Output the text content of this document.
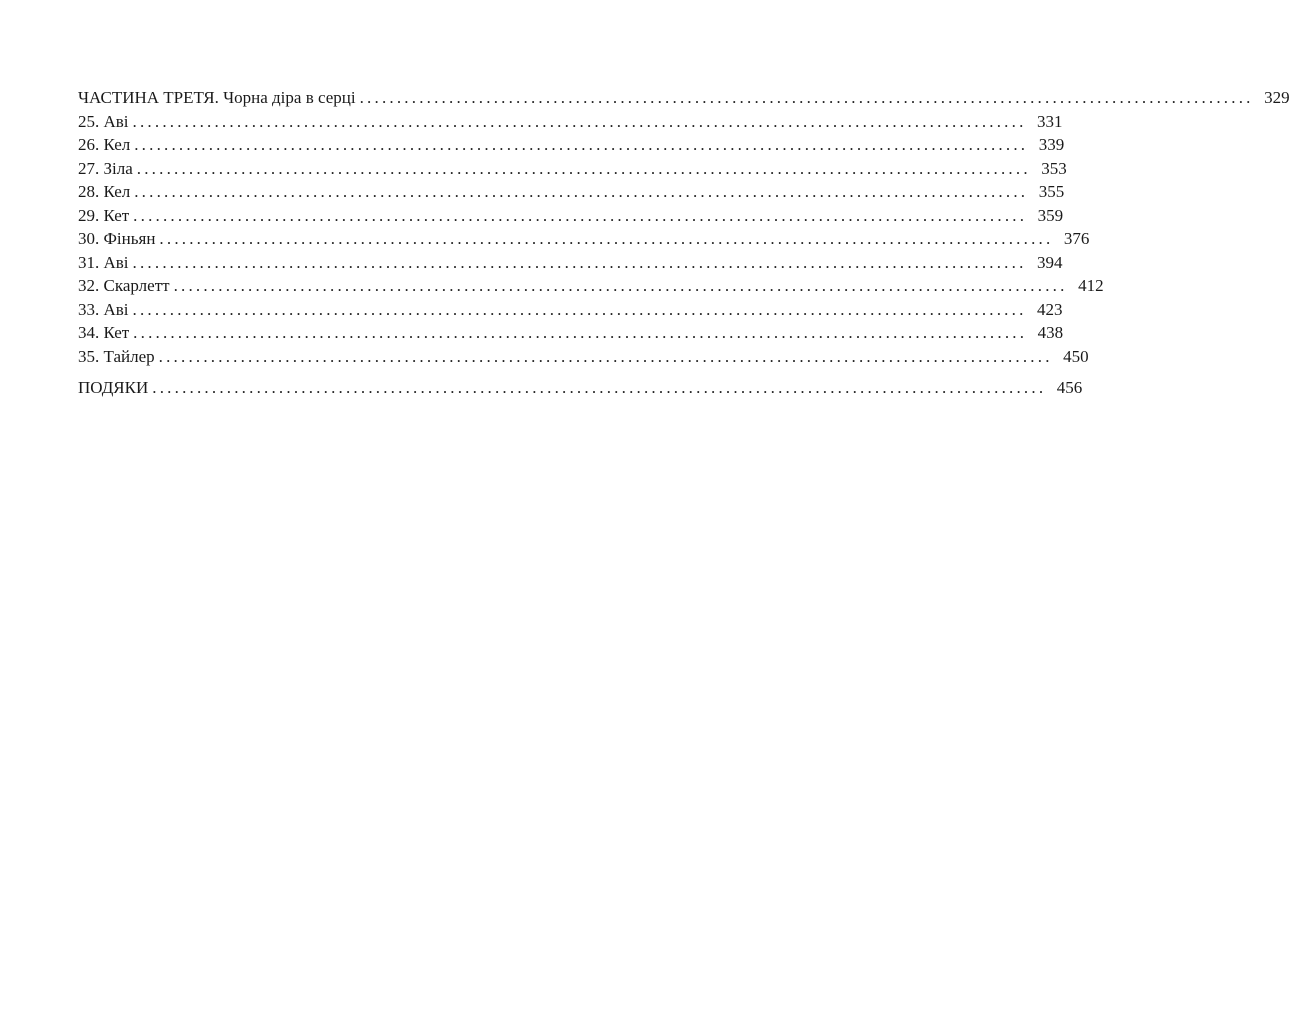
ЧАСТИНА ТРЕТЯ. Чорна діра в серці ........................................................................................................................ 329
25. Аві ........................................................................................................................ 331
26. Кел ........................................................................................................................ 339
27. Зіла ........................................................................................................................ 353
28. Кел ........................................................................................................................ 355
29. Кет ........................................................................................................................ 359
30. Фіньян ........................................................................................................................ 376
31. Аві ........................................................................................................................ 394
32. Скарлетт ........................................................................................................................ 412
33. Аві ........................................................................................................................ 423
34. Кет ........................................................................................................................ 438
35. Тайлер ........................................................................................................................ 450
ПОДЯКИ ........................................................................................................................ 456
